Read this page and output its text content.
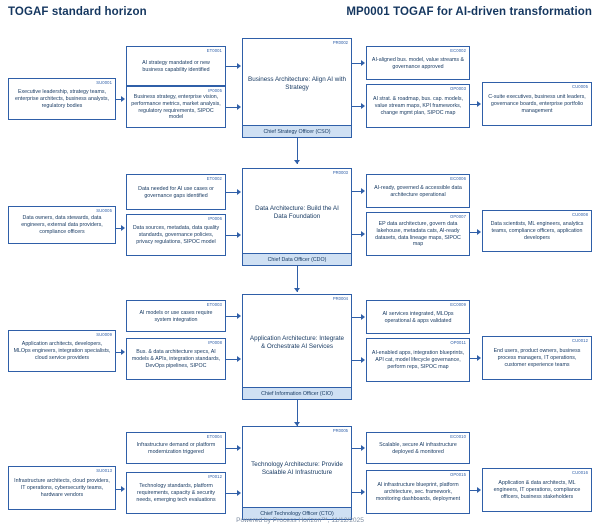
TOGAF standard horizon	MP0001 TOGAF for AI-driven transformation
ET0001
AI strategy mandated or new business capability identified
SU0001
Executive leadership, strategy teams, enterprise architects, business analysts, regulatory bodies
IP0005
Business strategy, enterprise vision, performance metrics, market analysis, regulatory requirements, SIPOC model
PR0002
Business Architecture: Align AI with Strategy
Chief Strategy Officer (CSO)
EC0002
AI-aligned bus. model, value streams & governance approved
OP0003
AI strat. & roadmap, bus. cap. models, value stream maps, KPI frameworks, change mgmt plan, SIPOC map
CU0005
C-suite executives, business unit leaders, governance boards, enterprise portfolio management
ET0002
Data needed for AI use cases or governance gaps identified
SU0005
Data owners, data stewards, data engineers, external data providers, compliance officers
IP0006
Data sources, metadata, data quality standards, governance policies, privacy regulations, SIPOC model
PR0003
Data Architecture: Build the AI Data Foundation
Chief Data Officer (CDO)
EC0006
AI-ready, governed & accessible data architecture operational
OP0007
EP data architecture, govern data lakehouse, metadata cats, AI-ready datasets, data lineage maps, SIPOC map
CU0008
Data scientists, ML engineers, analytics teams, compliance officers, application developers
ET0003
AI models or use cases require system integration
SU0009
Application architects, developers, MLOps engineers, integration specialists, cloud service providers
IP0008
Bus. & data architecture specs, AI models & APIs, integration standards, DevOps pipelines, SIPOC
PR0004
Application Architecture: Integrate & Orchestrate AI Services
Chief Information Officer (CIO)
EC0009
AI services integrated, MLOps operational & apps validated
OP0011
AI-enabled apps, integration blueprints, API cat, model lifecycle governance, perform reps, SIPOC map
CU0012
End users, product owners, business process managers, IT operations, customer experience teams
ET0004
Infrastructure demand or platform modernization triggered
SU0013
Infrastructure architects, cloud providers, IT operations, cybersecurity teams, hardware vendors
IP0012
Technology standards, platform requirements, capacity & security needs, emerging tech evaluations
PR0005
Technology Architecture: Provide Scalable AI Infrastructure
Chief Technology Officer (CTO)
EC0010
Scalable, secure AI infrastructure deployed & monitored
OP0015
AI infrastructure blueprint, platform architecture, sec. framework, monitoring dashboards, deployment
CU0016
Application & data architects, ML engineers, IT operations, compliance officers, business stakeholders
Powered by Process Horizon™, 11/12/2025
